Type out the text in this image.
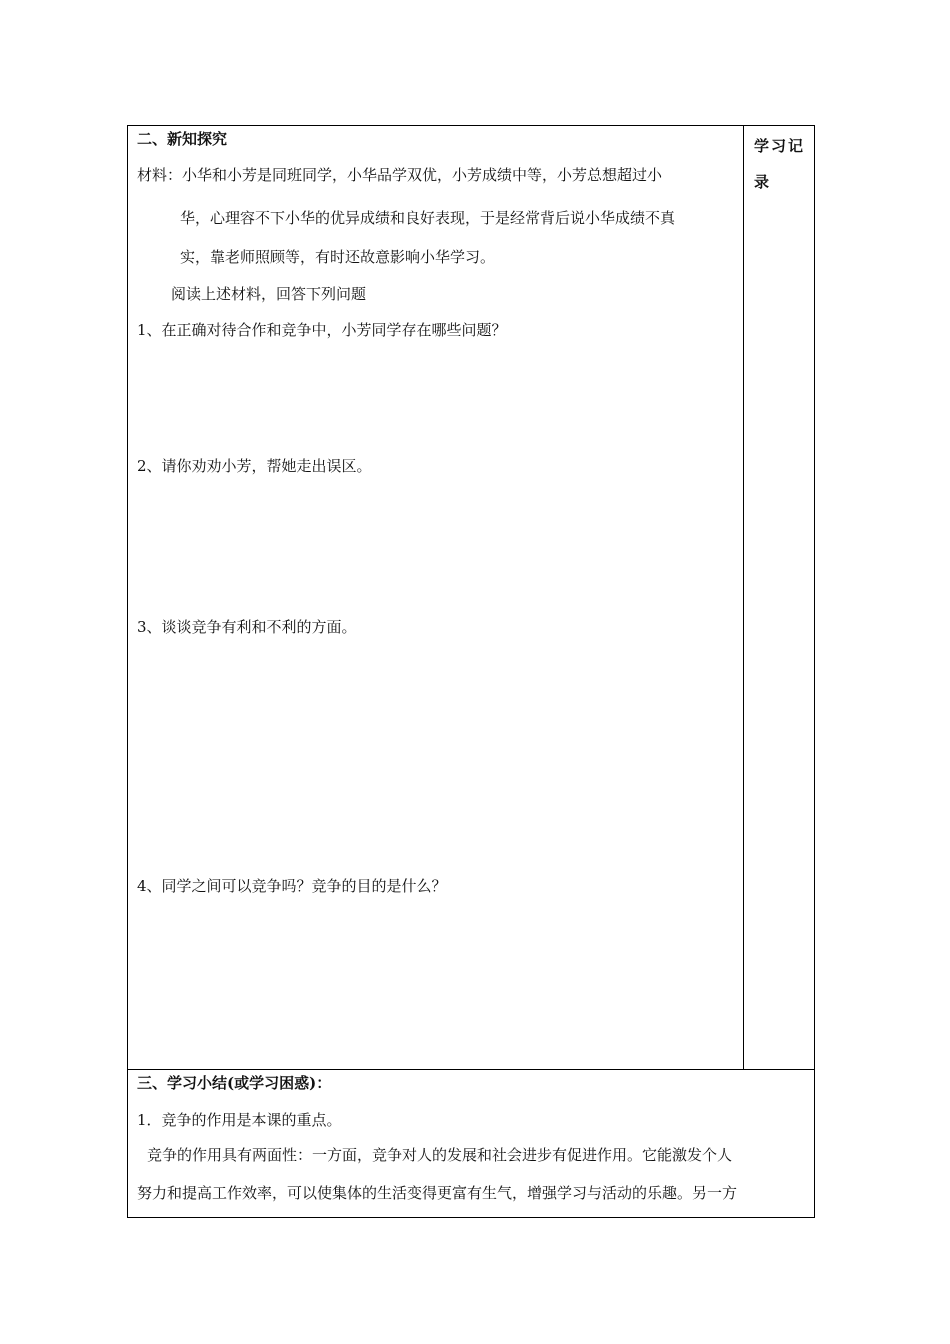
二、新知探究
材料：小华和小芳是同班同学，小华品学双优，小芳成绩中等，小芳总想超过小
华，心理容不下小华的优异成绩和良好表现，于是经常背后说小华成绩不真
实，靠老师照顾等，有时还故意影响小华学习。
阅读上述材料，回答下列问题
1、在正确对待合作和竞争中，小芳同学存在哪些问题？
2、请你劝劝小芳，帮她走出误区。
3、谈谈竞争有利和不利的方面。
4、同学之间可以竞争吗？竞争的目的是什么？
学习记录
三、学习小结(或学习困惑)：
1．竞争的作用是本课的重点。
竞争的作用具有两面性：一方面，竞争对人的发展和社会进步有促进作用。它能激发个人
努力和提高工作效率，可以使集体的生活变得更富有生气，增强学习与活动的乐趣。另一方
